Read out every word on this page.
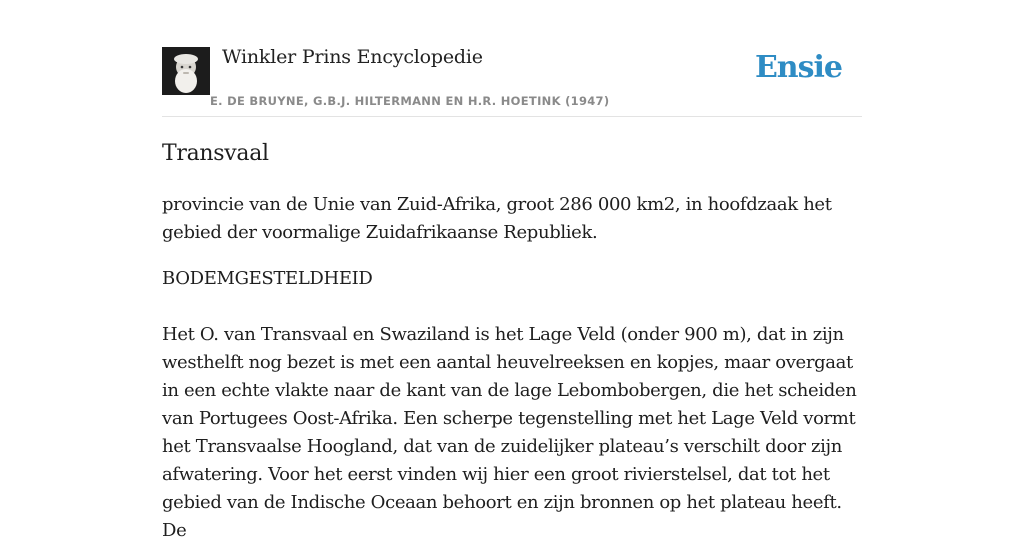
Winkler Prins Encyclopedie
E. DE BRUYNE, G.B.J. HILTERMANN EN H.R. HOETINK (1947)
Ensie
Transvaal

provincie van de Unie van Zuid-Afrika, groot 286 000 km2, in hoofdzaak het gebied der voormalige Zuidafrikaanse Republiek.

BODEMGESTELDHEID

Het O. van Transvaal en Swaziland is het Lage Veld (onder 900 m), dat in zijn westhelft nog bezet is met een aantal heuvelreeksen en kopjes, maar overgaat in een echte vlakte naar de kant van de lage Lebombobergen, die het scheiden van Portugees Oost-Afrika. Een scherpe tegenstelling met het Lage Veld vormt het Transvaalse Hoogland, dat van de zuidelijker plateau’s verschilt door zijn afwatering. Voor het eerst vinden wij hier een groot rivierstelsel, dat tot het gebied van de Indische Oceaan behoort en zijn bronnen op het plateau heeft. De
